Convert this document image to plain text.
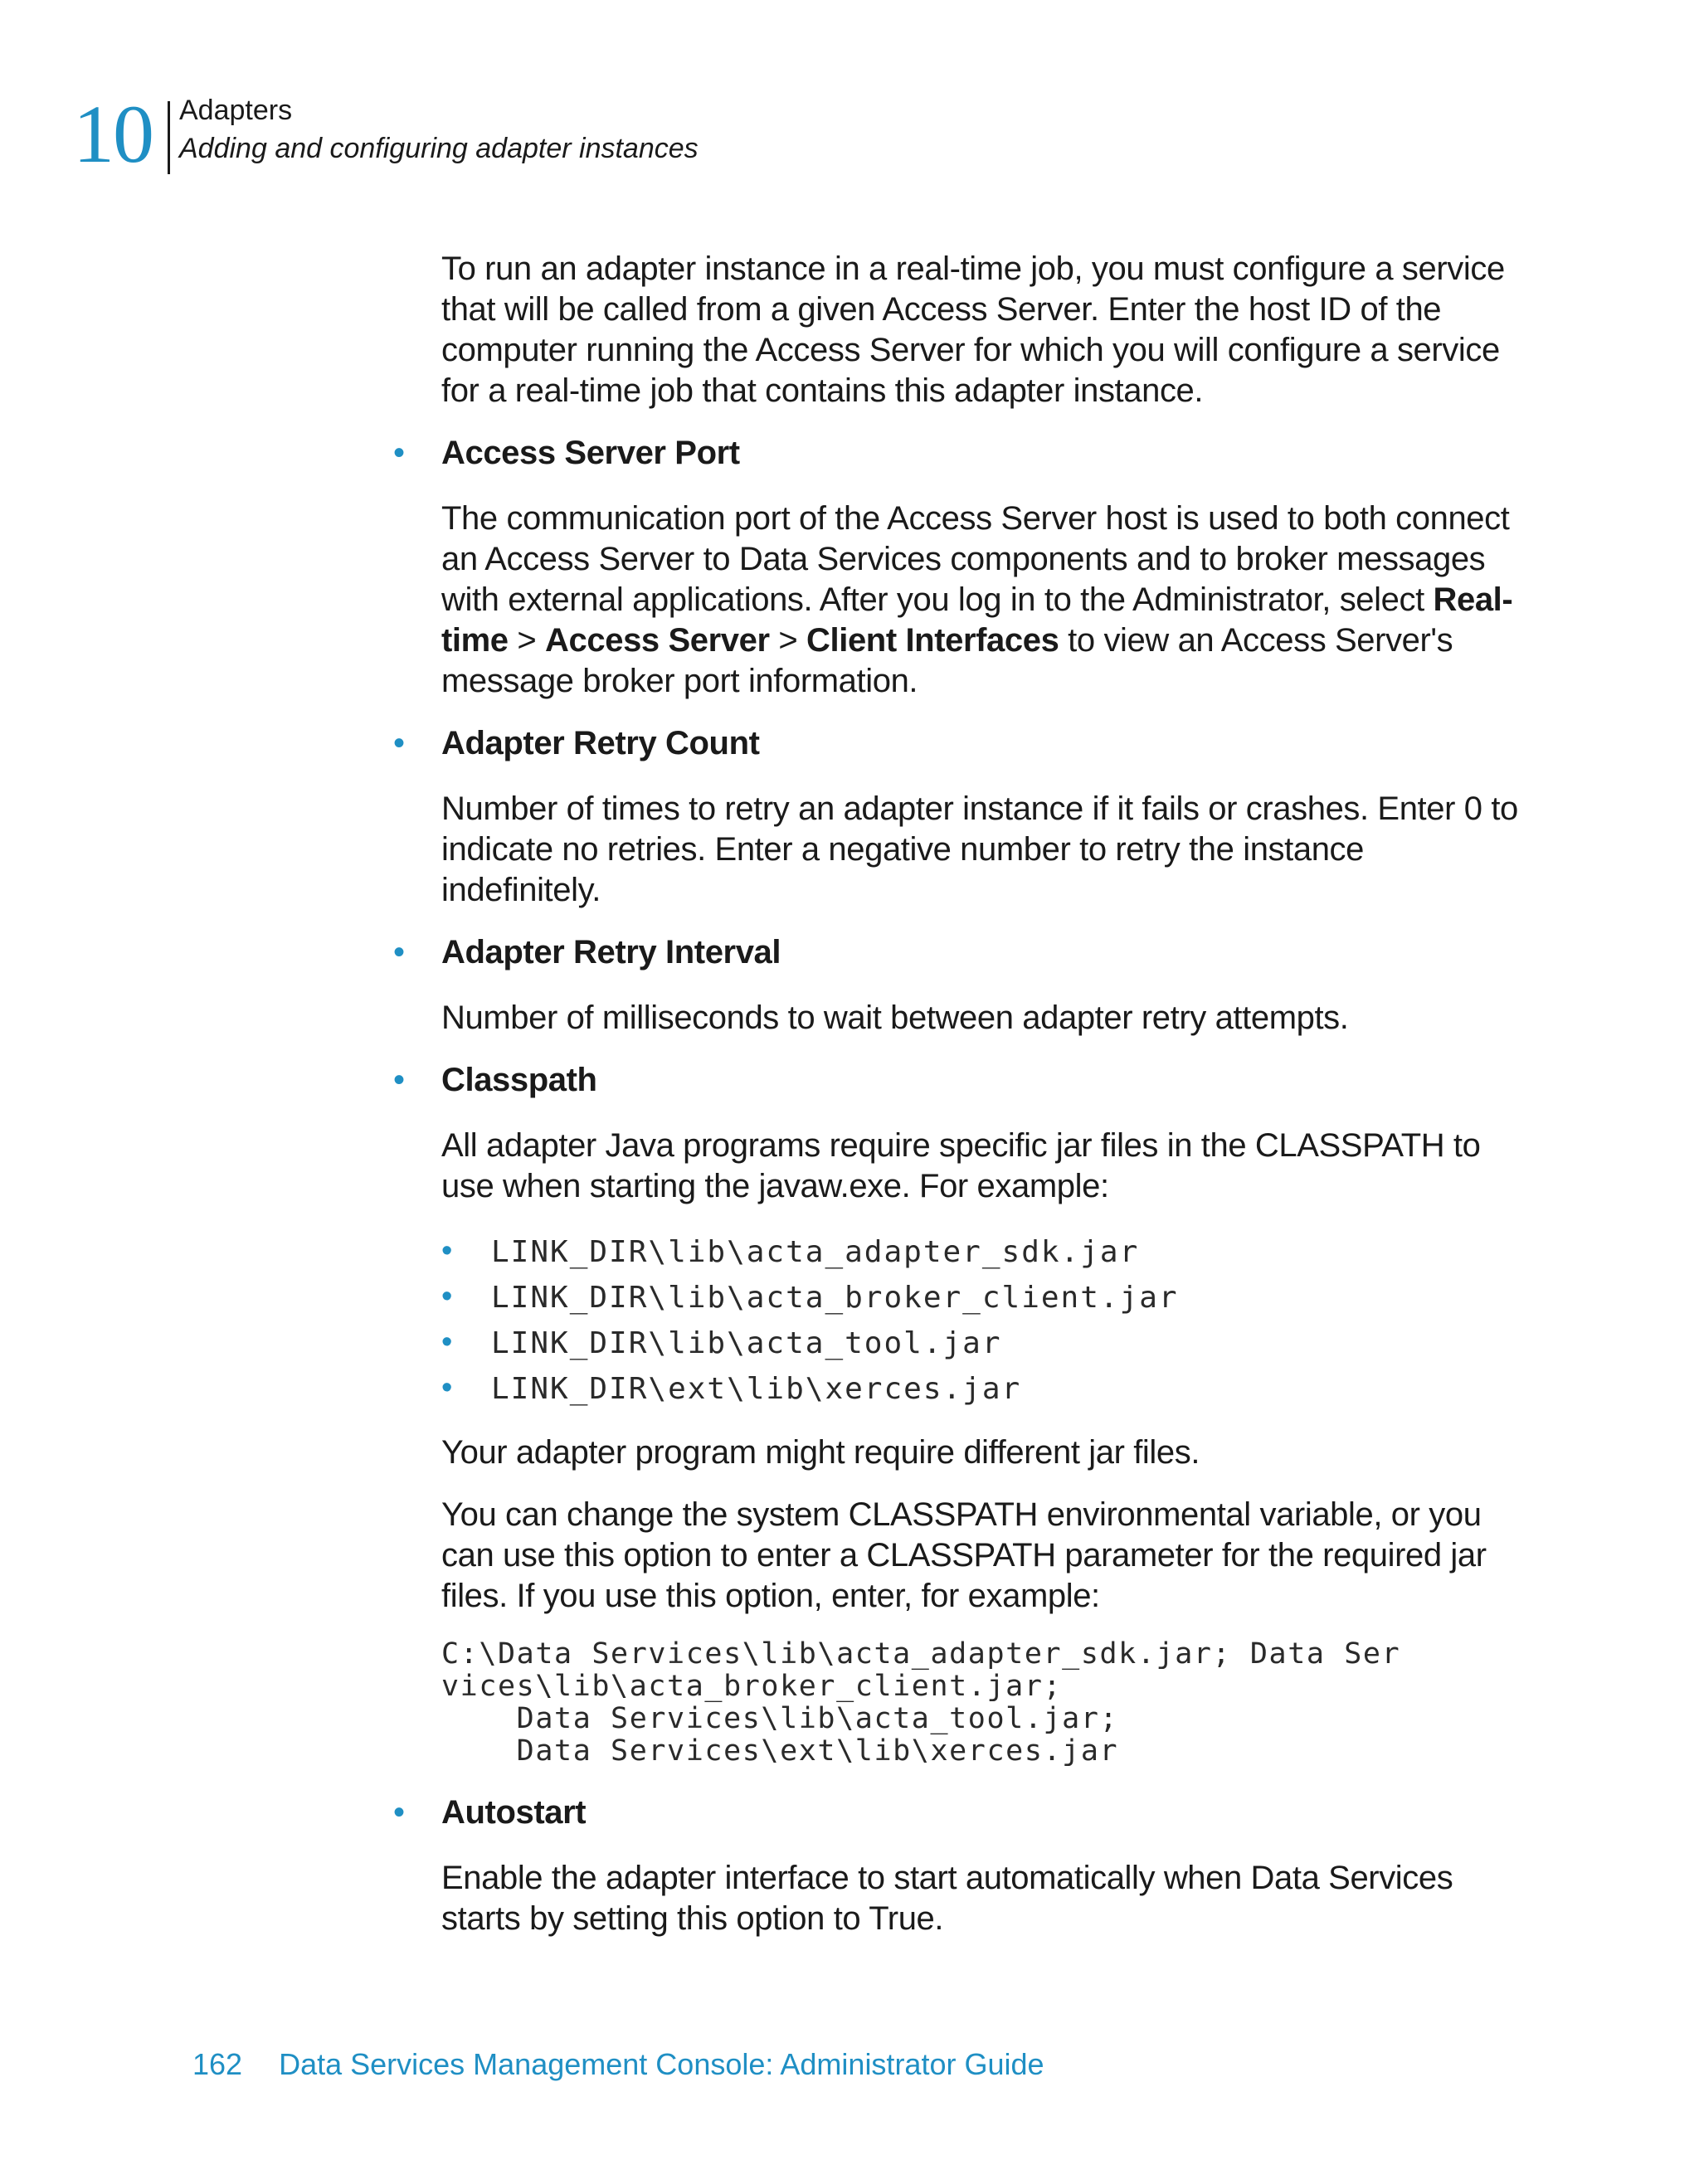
10 Adapters
Adding and configuring adapter instances

To run an adapter instance in a real-time job, you must configure a service that will be called from a given Access Server. Enter the host ID of the computer running the Access Server for which you will configure a service for a real-time job that contains this adapter instance.

• Access Server Port

The communication port of the Access Server host is used to both connect an Access Server to Data Services components and to broker messages with external applications. After you log in to the Administrator, select Real-time > Access Server > Client Interfaces to view an Access Server's message broker port information.

• Adapter Retry Count

Number of times to retry an adapter instance if it fails or crashes. Enter 0 to indicate no retries. Enter a negative number to retry the instance indefinitely.

• Adapter Retry Interval

Number of milliseconds to wait between adapter retry attempts.

• Classpath

All adapter Java programs require specific jar files in the CLASSPATH to use when starting the javaw.exe. For example:

• LINK_DIR\lib\acta_adapter_sdk.jar
• LINK_DIR\lib\acta_broker_client.jar
• LINK_DIR\lib\acta_tool.jar
• LINK_DIR\ext\lib\xerces.jar

Your adapter program might require different jar files.

You can change the system CLASSPATH environmental variable, or you can use this option to enter a CLASSPATH parameter for the required jar files. If you use this option, enter, for example:

C:\Data Services\lib\acta_adapter_sdk.jar; Data Ser
vices\lib\acta_broker_client.jar;
Data Services\lib\acta_tool.jar;
Data Services\ext\lib\xerces.jar
• Autostart

Enable the adapter interface to start automatically when Data Services starts by setting this option to True.

162 Data Services Management Console: Administrator Guide
